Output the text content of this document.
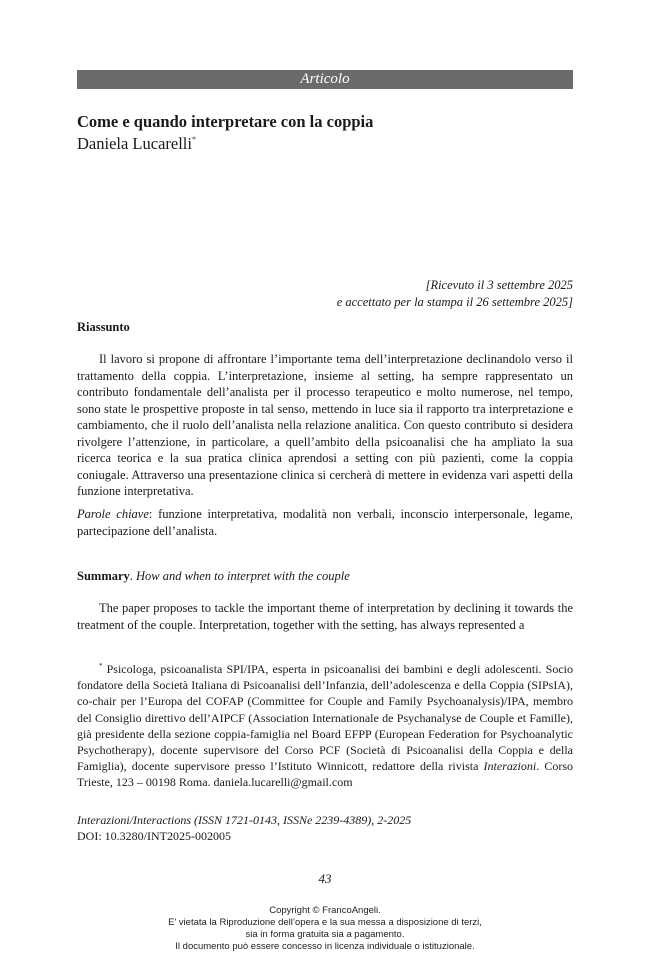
Articolo
Come e quando interpretare con la coppia
Daniela Lucarelli*
[Ricevuto il 3 settembre 2025
e accettato per la stampa il 26 settembre 2025]
Riassunto

Il lavoro si propone di affrontare l’importante tema dell’interpretazione declinandolo verso il trattamento della coppia. L’interpretazione, insieme al setting, ha sempre rappresentato un contributo fondamentale dell’analista per il processo terapeutico e molto numerose, nel tempo, sono state le prospettive proposte in tal senso, mettendo in luce sia il rapporto tra interpretazione e cambiamento, che il ruolo dell’analista nella relazione analitica. Con questo contributo si desidera rivolgere l’attenzione, in particolare, a quell’ambito della psicoanalisi che ha ampliato la sua ricerca teorica e la sua pratica clinica aprendosi a setting con più pazienti, come la coppia coniugale. Attraverso una presentazione clinica si cercherà di mettere in evidenza vari aspetti della funzione interpretativa.

Parole chiave: funzione interpretativa, modalità non verbali, inconscio interpersonale, legame, partecipazione dell’analista.

Summary. How and when to interpret with the couple

The paper proposes to tackle the important theme of interpretation by declining it towards the treatment of the couple. Interpretation, together with the setting, has always represented a

* Psicologa, psicoanalista SPI/IPA, esperta in psicoanalisi dei bambini e degli adolescenti. Socio fondatore della Società Italiana di Psicoanalisi dell’Infanzia, dell’adolescenza e della Coppia (SIPsIA), co-chair per l’Europa del COFAP (Committee for Couple and Family Psychoanalysis)/IPA, membro del Consiglio direttivo dell’AIPCF (Association Internationale de Psychanalyse de Couple et Famille), già presidente della sezione coppia-famiglia nel Board EFPP (European Federation for Psychoanalytic Psychotherapy), docente supervisore del Corso PCF (Società di Psicoanalisi della Coppia e della Famiglia), docente supervisore presso l’Istituto Winnicott, redattore della rivista Interazioni. Corso Trieste, 123 – 00198 Roma. daniela.lucarelli@gmail.com

Interazioni/Interactions (ISSN 1721-0143, ISSNe 2239-4389), 2-2025
DOI: 10.3280/INT2025-002005
43
Copyright © FrancoAngeli.
E’ vietata la Riproduzione dell’opera e la sua messa a disposizione di terzi,
sia in forma gratuita sia a pagamento.
Il documento può essere concesso in licenza individuale o istituzionale.
